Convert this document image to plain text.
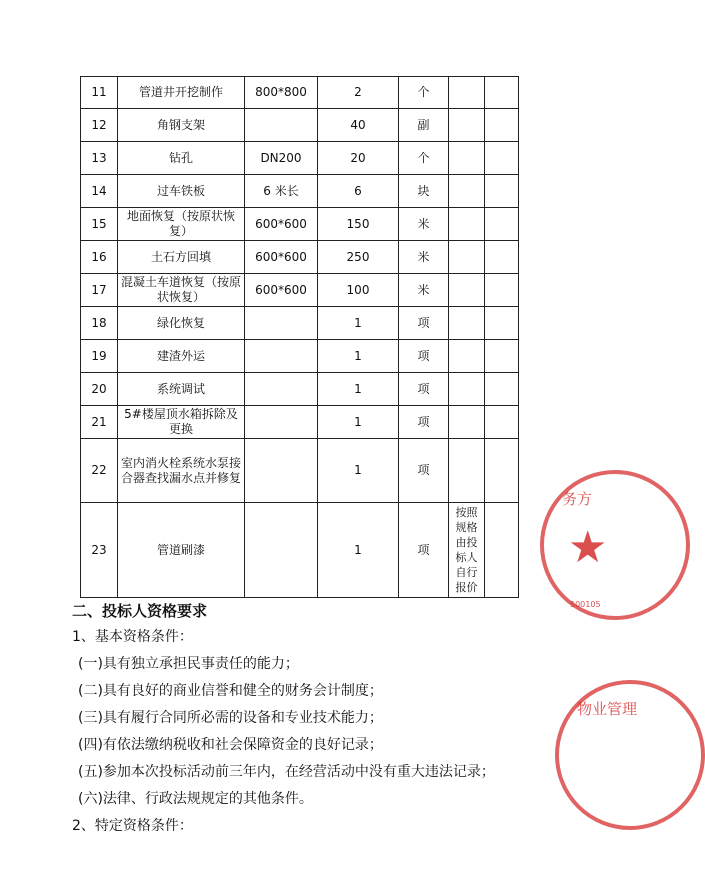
11	管道井开挖制作	800*800	2	个		
12	角钢支架		40	副		
13	钻孔	DN200	20	个		
14	过车铁板	6 米长	6	块		
15	地面恢复（按原状恢复）	600*600	150	米		
16	土石方回填	600*600	250	米		
17	混凝土车道恢复（按原状恢复）	600*600	100	米		
18	绿化恢复		1	项		
19	建渣外运		1	项		
20	系统调试		1	项		
21	5#楼屋顶水箱拆除及更换		1	项		
22	室内消火栓系统水泵接合器查找漏水点并修复		1	项		
23	管道刷漆		1	项	按照规格由投标人自行报价	
务方
★
500105
物业管理
二、投标人资格要求
1、基本资格条件：
(一)具有独立承担民事责任的能力；
(二)具有良好的商业信誉和健全的财务会计制度；
(三)具有履行合同所必需的设备和专业技术能力；
(四)有依法缴纳税收和社会保障资金的良好记录；
(五)参加本次投标活动前三年内，在经营活动中没有重大违法记录；
(六)法律、行政法规规定的其他条件。
2、特定资格条件：
